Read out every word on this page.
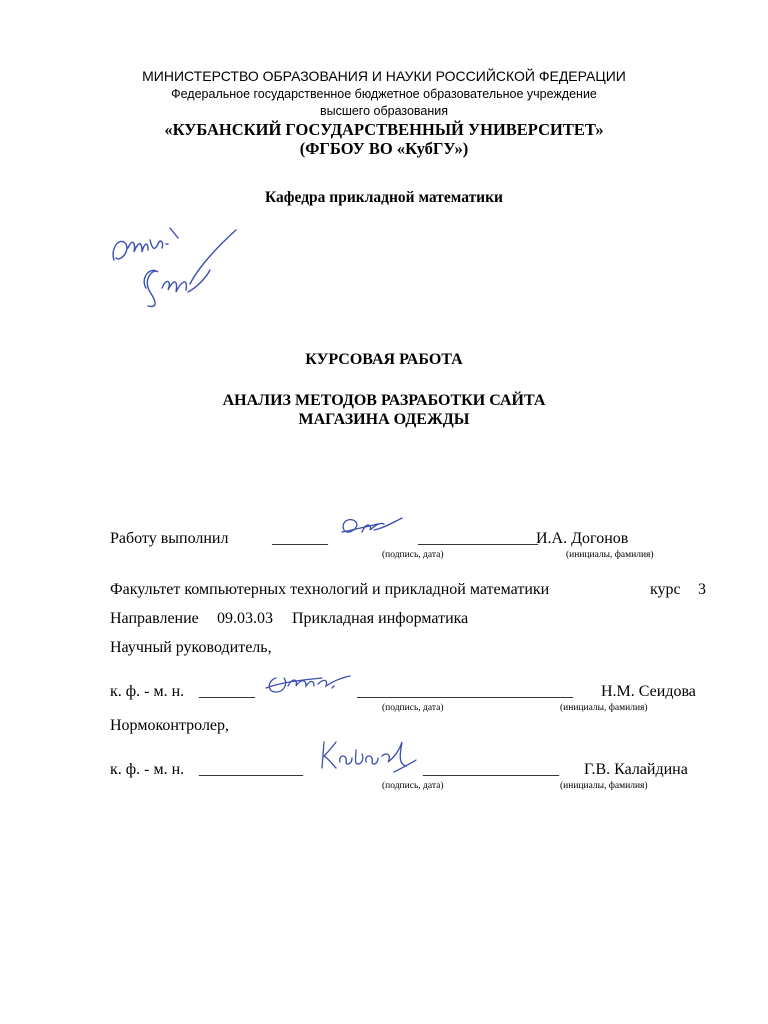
МИНИСТЕРСТВО ОБРАЗОВАНИЯ И НАУКИ РОССИЙСКОЙ ФЕДЕРАЦИИ
Федеральное государственное бюджетное образовательное учреждение
высшего образования
«КУБАНСКИЙ ГОСУДАРСТВЕННЫЙ УНИВЕРСИТЕТ»
(ФГБОУ ВО «КубГУ»)
Кафедра прикладной математики
КУРСОВАЯ РАБОТА
АНАЛИЗ МЕТОДОВ РАЗРАБОТКИ САЙТА
МАГАЗИНА ОДЕЖДЫ
Работу выполнил	_______	_______________
И.А. Догонов
(подпись, дата)	(инициалы, фамилия)
Факультет компьютерных технологий и прикладной математики	курс 3
Направление 09.03.03 Прикладная информатика
Научный руководитель,
к. ф. - м. н. _______	___________________________ Н.М. Сеидова
(подпись, дата)	(инициалы, фамилия)
Нормоконтролер,
к. ф. - м. н. _____________	_________________ Г.В. Калайдина
(подпись, дата)	(инициалы, фамилия)
